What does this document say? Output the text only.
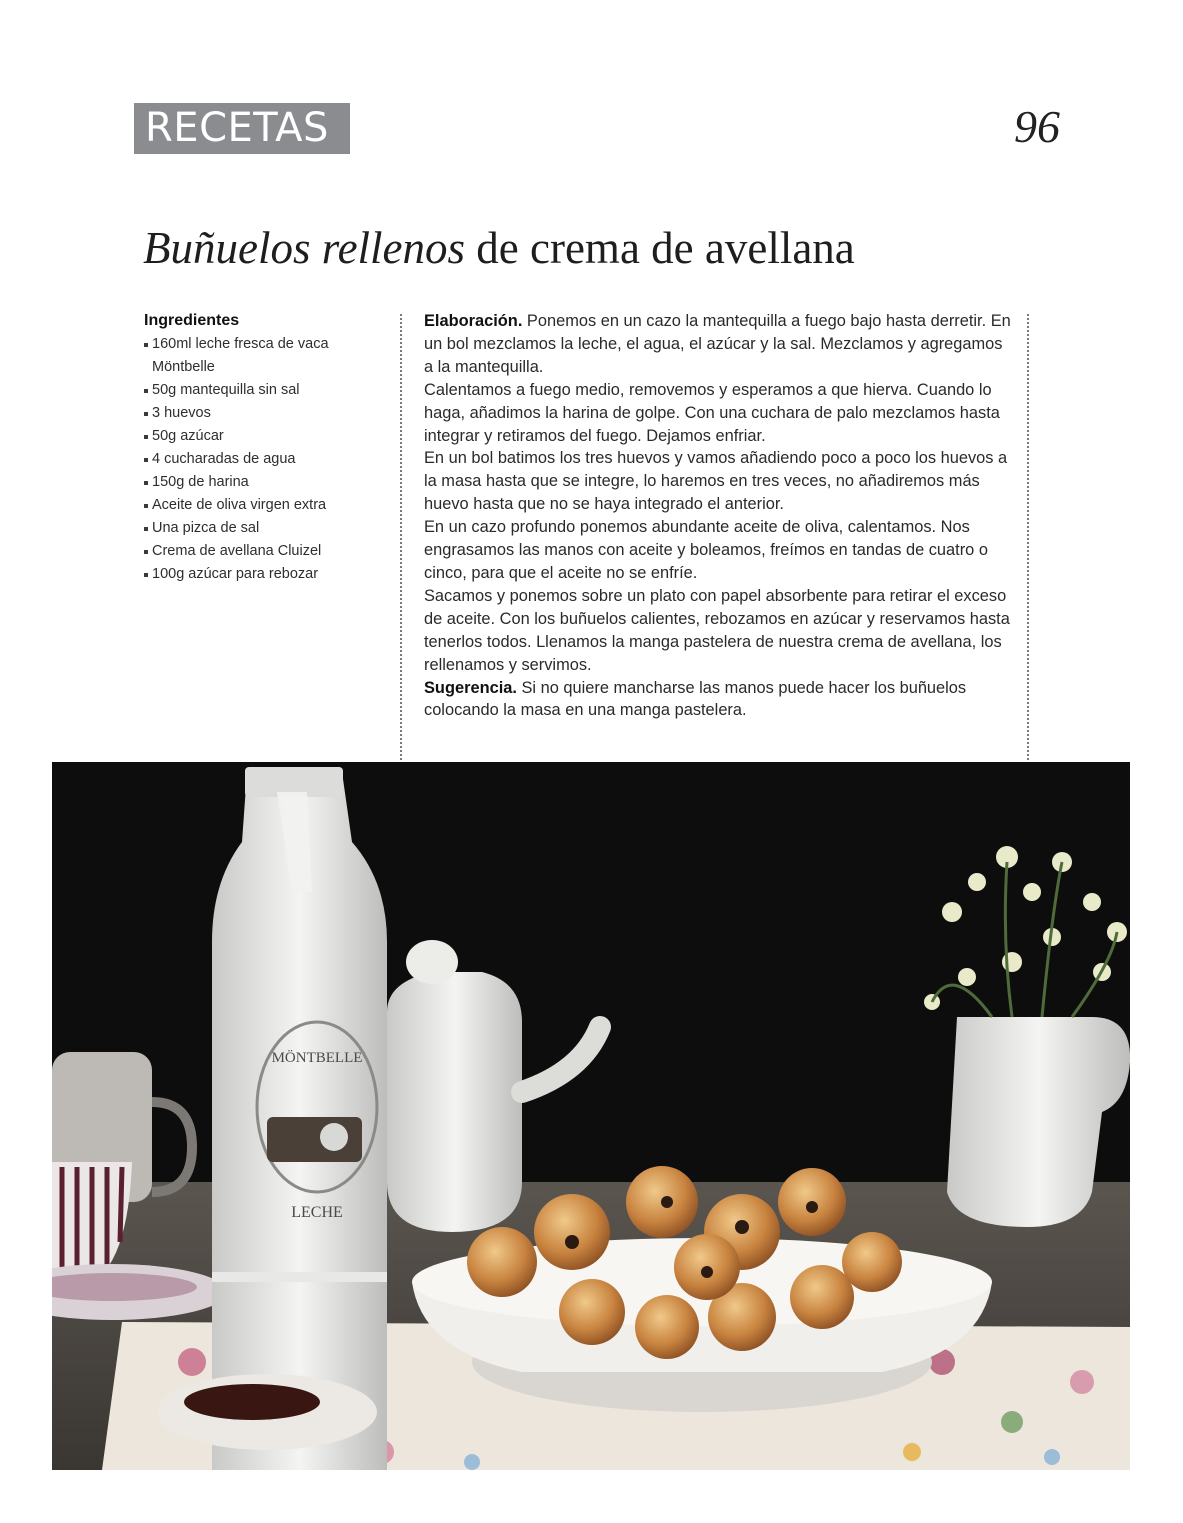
RECETAS	96
Buñuelos rellenos de crema de avellana
Ingredientes
160ml leche fresca de vaca
Möntbelle
50g mantequilla sin sal
3 huevos
50g azúcar
4 cucharadas de agua
150g de harina
Aceite de oliva virgen extra
Una pizca de sal
Crema de avellana Cluizel
100g azúcar para rebozar

Elaboración. Ponemos en un cazo la mantequilla a fuego bajo hasta derretir. En un bol mezclamos la leche, el agua, el azúcar y la sal. Mezclamos y agregamos a la mantequilla.

Calentamos a fuego medio, removemos y esperamos a que hierva. Cuando lo haga, añadimos la harina de golpe. Con una cuchara de palo mezclamos hasta integrar y retiramos del fuego. Dejamos enfriar.

En un bol batimos los tres huevos y vamos añadiendo poco a poco los huevos a la masa hasta que se integre, lo haremos en tres veces, no añadiremos más huevo hasta que no se haya integrado el anterior.

En un cazo profundo ponemos abundante aceite de oliva, calentamos. Nos engrasamos las manos con aceite y boleamos, freímos en tandas de cuatro o cinco, para que el aceite no se enfríe.

Sacamos y ponemos sobre un plato con papel absorbente para retirar el exceso de aceite. Con los buñuelos calientes, rebozamos en azúcar y reservamos hasta tenerlos todos. Llenamos la manga pastelera de nuestra crema de avellana, los rellenamos y servimos.

Sugerencia. Si no quiere mancharse las manos puede hacer los buñuelos colocando la masa en una manga pastelera.

MÖNTBELLE
LECHE
